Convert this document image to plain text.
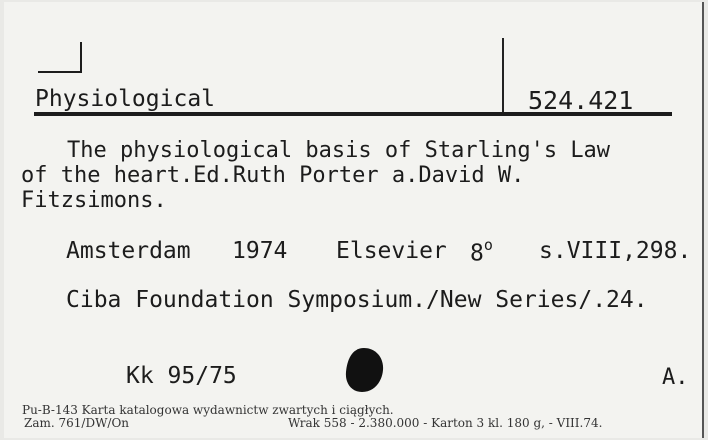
Physiological	524.421
The physiological basis of Starling's Law
of the heart.Ed.Ruth Porter a.David W.
Fitzsimons.
Amsterdam 1974 Elsevier 8$^o$ s.VIII,298.
Ciba Foundation Symposium./New Series/.24.
Kk 95/75	A.
Pu-B-143 Karta katalogowa wydawnictw zwartych i ciągłych.
Zam. 761/DW/On	Wrak 558 - 2.380.000 - Karton 3 kl. 180 g, - VIII.74.
